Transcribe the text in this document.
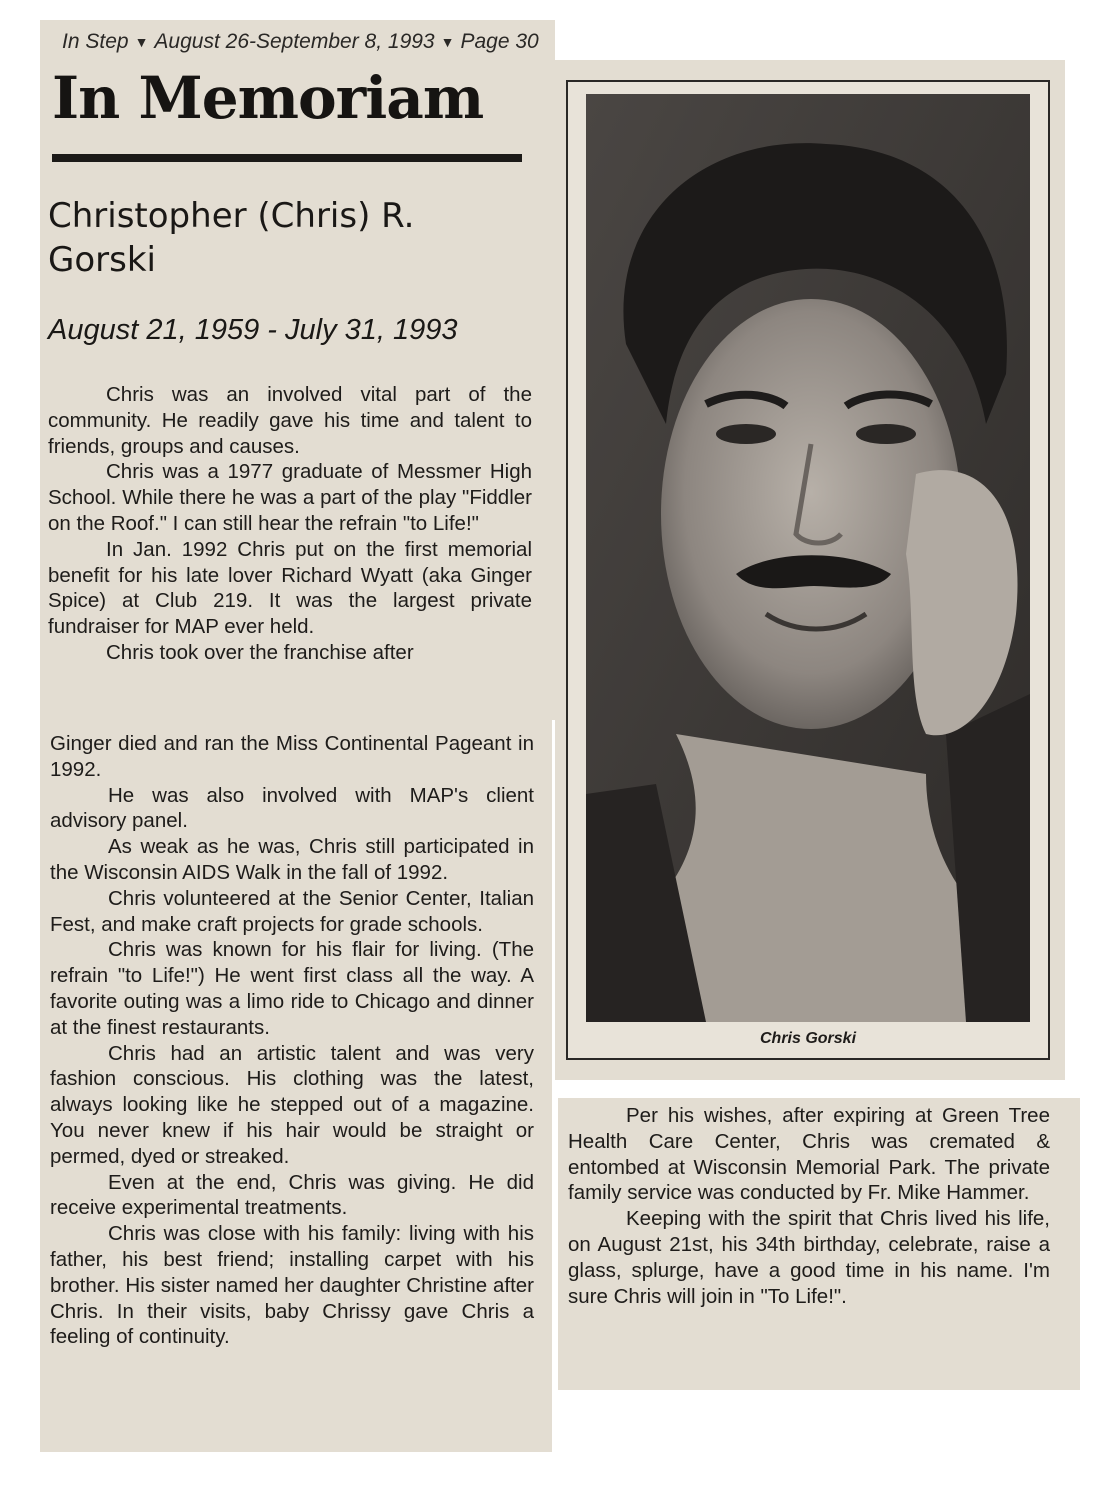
In Step ▼ August 26-September 8, 1993 ▼ Page 30
In Memoriam
Christopher (Chris) R. Gorski
August 21, 1959 - July 31, 1993

Chris was an involved vital part of the community. He readily gave his time and talent to friends, groups and causes.

Chris was a 1977 graduate of Messmer High School. While there he was a part of the play "Fiddler on the Roof." I can still hear the refrain "to Life!"

In Jan. 1992 Chris put on the first memorial benefit for his late lover Richard Wyatt (aka Ginger Spice) at Club 219. It was the largest private fundraiser for MAP ever held.

Chris took over the franchise after

Ginger died and ran the Miss Continental Pageant in 1992.

He was also involved with MAP's client advisory panel.

As weak as he was, Chris still participated in the Wisconsin AIDS Walk in the fall of 1992.

Chris volunteered at the Senior Center, Italian Fest, and make craft projects for grade schools.

Chris was known for his flair for living. (The refrain "to Life!") He went first class all the way. A favorite outing was a limo ride to Chicago and dinner at the finest restaurants.

Chris had an artistic talent and was very fashion conscious. His clothing was the latest, always looking like he stepped out of a magazine. You never knew if his hair would be straight or permed, dyed or streaked.

Even at the end, Chris was giving. He did receive experimental treatments.

Chris was close with his family: living with his father, his best friend; installing carpet with his brother. His sister named her daughter Christine after Chris. In their visits, baby Chrissy gave Chris a feeling of continuity.

Chris Gorski

Per his wishes, after expiring at Green Tree Health Care Center, Chris was cremated & entombed at Wisconsin Memorial Park. The private family service was conducted by Fr. Mike Hammer.

Keeping with the spirit that Chris lived his life, on August 21st, his 34th birthday, celebrate, raise a glass, splurge, have a good time in his name. I'm sure Chris will join in "To Life!".
